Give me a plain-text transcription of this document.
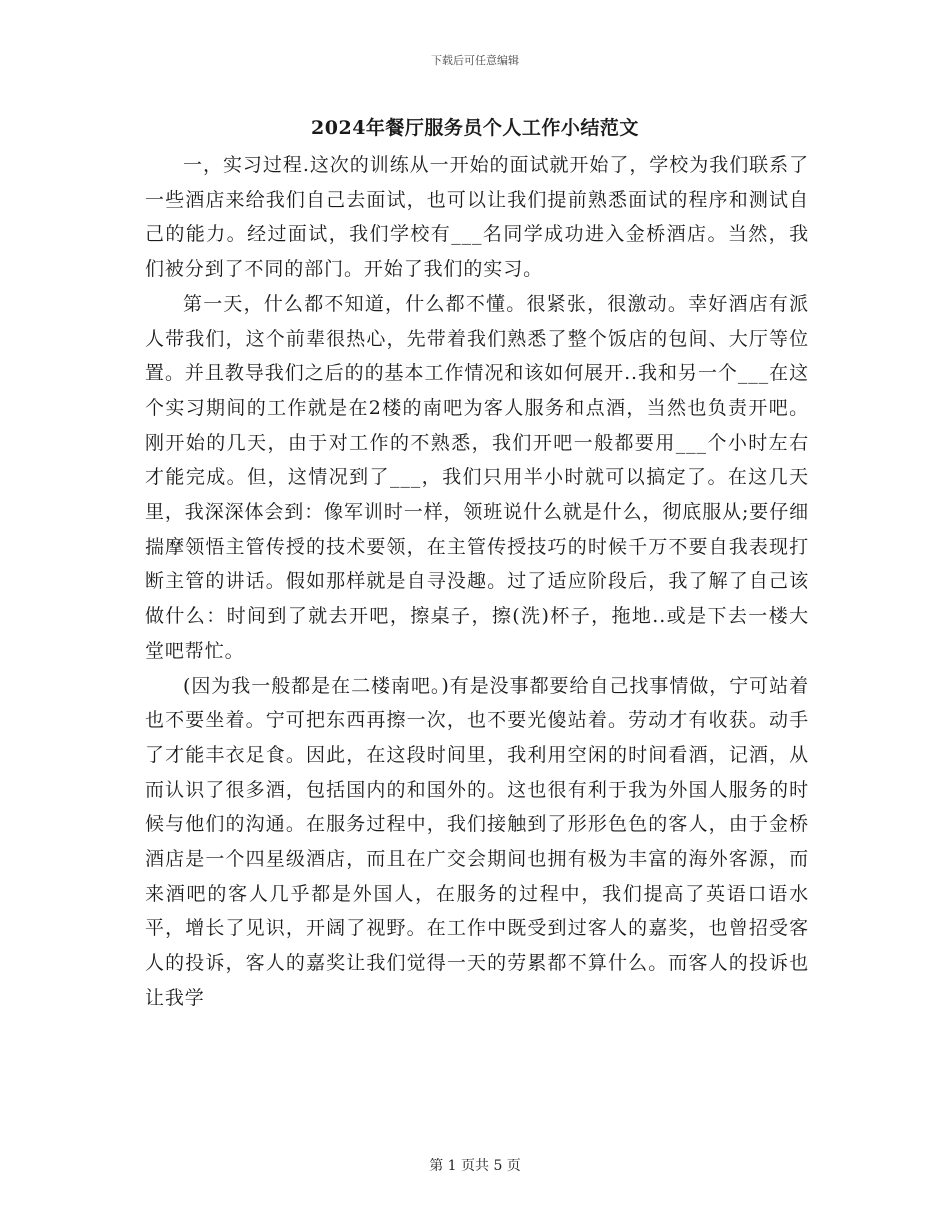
下载后可任意编辑
2024年餐厅服务员个人工作小结范文

一，实习过程.这次的训练从一开始的面试就开始了，学校为我们联系了一些酒店来给我们自己去面试，也可以让我们提前熟悉面试的程序和测试自己的能力。经过面试，我们学校有___名同学成功进入金桥酒店。当然，我们被分到了不同的部门。开始了我们的实习。

第一天，什么都不知道，什么都不懂。很紧张，很激动。幸好酒店有派人带我们，这个前辈很热心，先带着我们熟悉了整个饭店的包间、大厅等位置。并且教导我们之后的的基本工作情况和该如何展开..我和另一个___在这个实习期间的工作就是在2楼的南吧为客人服务和点酒，当然也负责开吧。刚开始的几天，由于对工作的不熟悉，我们开吧一般都要用___个小时左右才能完成。但，这情况到了___，我们只用半小时就可以搞定了。在这几天里，我深深体会到：像军训时一样，领班说什么就是什么，彻底服从;要仔细揣摩领悟主管传授的技术要领，在主管传授技巧的时候千万不要自我表现打断主管的讲话。假如那样就是自寻没趣。过了适应阶段后，我了解了自己该做什么：时间到了就去开吧，擦桌子，擦(洗)杯子，拖地..或是下去一楼大堂吧帮忙。

(因为我一般都是在二楼南吧。)有是没事都要给自己找事情做，宁可站着也不要坐着。宁可把东西再擦一次，也不要光傻站着。劳动才有收获。动手了才能丰衣足食。因此，在这段时间里，我利用空闲的时间看酒，记酒，从而认识了很多酒，包括国内的和国外的。这也很有利于我为外国人服务的时候与他们的沟通。在服务过程中，我们接触到了形形色色的客人，由于金桥酒店是一个四星级酒店，而且在广交会期间也拥有极为丰富的海外客源，而来酒吧的客人几乎都是外国人，在服务的过程中，我们提高了英语口语水平，增长了见识，开阔了视野。在工作中既受到过客人的嘉奖，也曾招受客人的投诉，客人的嘉奖让我们觉得一天的劳累都不算什么。而客人的投诉也让我学

第 1 页共 5 页
